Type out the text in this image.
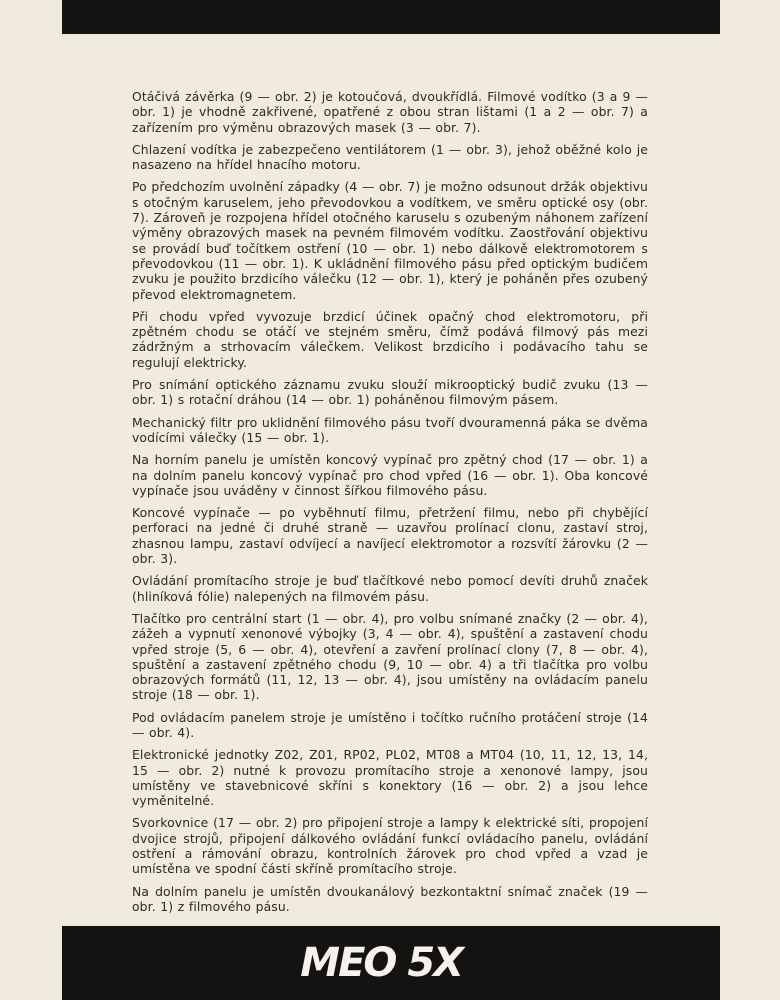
Otáčivá závěrka (9 — obr. 2) je kotoučová, dvoukřídlá. Filmové vodítko (3 a 9 — obr. 1) je vhodně zakřivené, opatřené z obou stran lištami (1 a 2 — obr. 7) a zařízením pro výměnu obrazových masek (3 — obr. 7).

Chlazení vodítka je zabezpečeno ventilátorem (1 — obr. 3), jehož oběžné kolo je nasazeno na hřídel hnacího motoru.

Po předchozím uvolnění západky (4 — obr. 7) je možno odsunout držák objektivu s otočným karuselem, jeho převodovkou a vodítkem, ve směru optické osy (obr. 7). Zároveň je rozpojena hřídel otočného karuselu s ozubeným náhonem zařízení výměny obrazových masek na pevném filmovém vodítku. Zaostřování objektivu se provádí buď točítkem ostření (10 — obr. 1) nebo dálkově elektromotorem s převodovkou (11 — obr. 1). K ukládnění filmového pásu před optickým budičem zvuku je použito brzdicího válečku (12 — obr. 1), který je poháněn přes ozubený převod elektromagnetem.

Při chodu vpřed vyvozuje brzdicí účinek opačný chod elektromotoru, při zpětném chodu se otáčí ve stejném směru, čímž podává filmový pás mezi zádržným a strhovacím válečkem. Velikost brzdicího i podávacího tahu se regulují elektricky.

Pro snímání optického záznamu zvuku slouží mikrooptický budič zvuku (13 — obr. 1) s rotační dráhou (14 — obr. 1) poháněnou filmovým pásem.

Mechanický filtr pro uklidnění filmového pásu tvoří dvouramenná páka se dvěma vodícími válečky (15 — obr. 1).

Na horním panelu je umístěn koncový vypínač pro zpětný chod (17 — obr. 1) a na dolním panelu koncový vypínač pro chod vpřed (16 — obr. 1). Oba koncové vypínače jsou uváděny v činnost šířkou filmového pásu.

Koncové vypínače — po vyběhnutí filmu, přetržení filmu, nebo při chybějící perforaci na jedné či druhé straně — uzavřou prolínací clonu, zastaví stroj, zhasnou lampu, zastaví odvíjecí a navíjecí elektromotor a rozsvítí žárovku (2 — obr. 3).

Ovládání promítacího stroje je buď tlačítkové nebo pomocí devíti druhů značek (hliníková fólie) nalepených na filmovém pásu.

Tlačítko pro centrální start (1 — obr. 4), pro volbu snímané značky (2 — obr. 4), zážeh a vypnutí xenonové výbojky (3, 4 — obr. 4), spuštění a zastavení chodu vpřed stroje (5, 6 — obr. 4), otevření a zavření prolínací clony (7, 8 — obr. 4), spuštění a zastavení zpětného chodu (9, 10 — obr. 4) a tři tlačítka pro volbu obrazových formátů (11, 12, 13 — obr. 4), jsou umístěny na ovládacím panelu stroje (18 — obr. 1).

Pod ovládacím panelem stroje je umístěno i točítko ručního protáčení stroje (14 — obr. 4).

Elektronické jednotky Z02, Z01, RP02, PL02, MT08 a MT04 (10, 11, 12, 13, 14, 15 — obr. 2) nutné k provozu promítacího stroje a xenonové lampy, jsou umístěny ve stavebnicové skříni s konektory (16 — obr. 2) a jsou lehce vyměnitelné.

Svorkovnice (17 — obr. 2) pro připojení stroje a lampy k elektrické síti, propojení dvojice strojů, připojení dálkového ovládání funkcí ovládacího panelu, ovládání ostření a rámování obrazu, kontrolních žárovek pro chod vpřed a vzad je umístěna ve spodní části skříně promítacího stroje.

Na dolním panelu je umístěn dvoukanálový bezkontaktní snímač značek (19 — obr. 1) z filmového pásu.

MEO 5X
